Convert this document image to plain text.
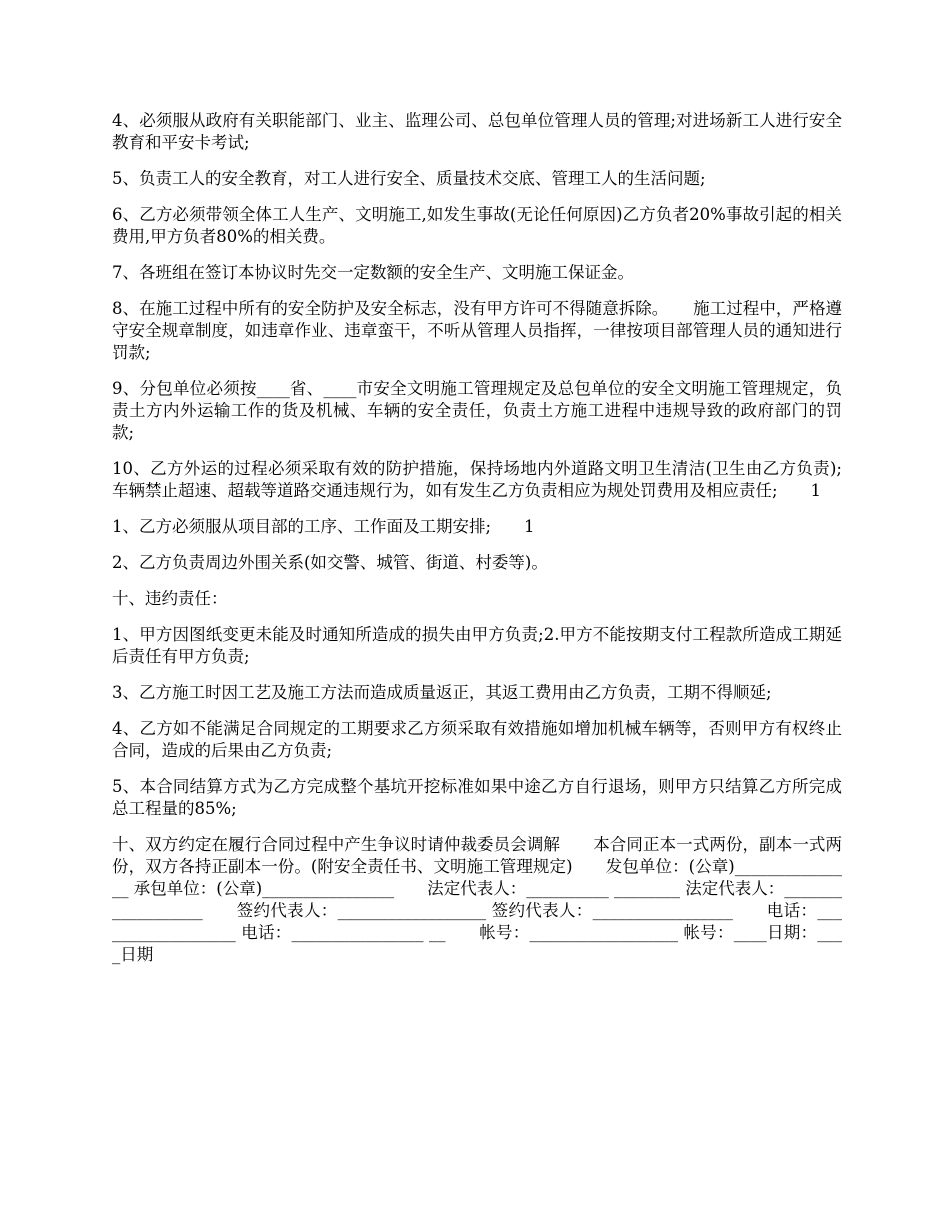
4、必须服从政府有关职能部门、业主、监理公司、总包单位管理人员的管理;对进场新工人进行安全教育和平安卡考试;

5、负责工人的安全教育，对工人进行安全、质量技术交底、管理工人的生活问题;

6、乙方必须带领全体工人生产、文明施工,如发生事故(无论任何原因)乙方负者20%事故引起的相关费用,甲方负者80%的相关费。

7、各班组在签订本协议时先交一定数额的安全生产、文明施工保证金。

8、在施工过程中所有的安全防护及安全标志，没有甲方许可不得随意拆除。　　施工过程中，严格遵守安全规章制度，如违章作业、违章蛮干，不听从管理人员指挥，一律按项目部管理人员的通知进行罚款;

9、分包单位必须按____省、____市安全文明施工管理规定及总包单位的安全文明施工管理规定，负责土方内外运输工作的货及机械、车辆的安全责任，负责土方施工进程中违规导致的政府部门的罚款;

10、乙方外运的过程必须采取有效的防护措施，保持场地内外道路文明卫生清洁(卫生由乙方负责);车辆禁止超速、超载等道路交通违规行为，如有发生乙方负责相应为规处罚费用及相应责任;　　1

1、乙方必须服从项目部的工序、工作面及工期安排;　　1

2、乙方负责周边外围关系(如交警、城管、街道、村委等)。

十、违约责任：

1、甲方因图纸变更未能及时通知所造成的损失由甲方负责;2.甲方不能按期支付工程款所造成工期延后责任有甲方负责;

3、乙方施工时因工艺及施工方法而造成质量返正，其返工费用由乙方负责，工期不得顺延;

4、乙方如不能满足合同规定的工期要求乙方须采取有效措施如增加机械车辆等，否则甲方有权终止合同，造成的后果由乙方负责;

5、本合同结算方式为乙方完成整个基坑开挖标准如果中途乙方自行退场，则甲方只结算乙方所完成总工程量的85%;

十、双方约定在履行合同过程中产生争议时请仲裁委员会调解　　本合同正本一式两份，副本一式两份，双方各持正副本一份。(附安全责任书、文明施工管理规定)　　发包单位：(公章)_______________ 承包单位：(公章)________________　　法定代表人：__________ ________ 法定代表人：__________________　　签约代表人：__________________ 签约代表人：_________________　　电话：__________________ 电话：________________ __　　帐号：__________________ 帐号：____日期：____日期
